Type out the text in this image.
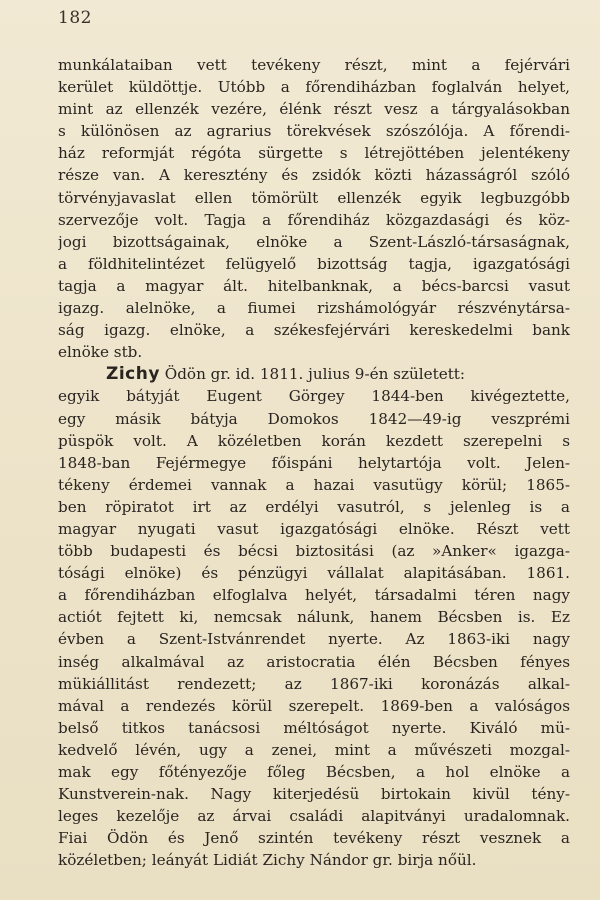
182
munkálataiban vett tevékeny részt, mint a fejérvári
kerület küldöttje. Utóbb a főrendiházban foglalván helyet,
mint az ellenzék vezére, élénk részt vesz a tárgyalásokban
s különösen az agrarius törekvések szószólója. A főrendi-
ház reformját régóta sürgette s létrejöttében jelentékeny
része van. A keresztény és zsidók közti házasságról szóló
törvényjavaslat ellen tömörült ellenzék egyik legbuzgóbb
szervezője volt. Tagja a főrendiház közgazdasági és köz-
jogi bizottságainak, elnöke a Szent-László-társaságnak,
a földhitelintézet felügyelő bizottság tagja, igazgatósági
tagja a magyar ált. hitelbanknak, a bécs-barcsi vasut
igazg. alelnöke, a fiumei rizshámológyár részvénytársa-
ság igazg. elnöke, a székesfejérvári kereskedelmi bank
elnöke stb.
Zichy Ödön gr. id. 1811. julius 9-én született:
egyik bátyját Eugent Görgey 1844-ben kivégeztette,
egy másik bátyja Domokos 1842—49-ig veszprémi
püspök volt. A közéletben korán kezdett szerepelni s
1848-ban Fejérmegye főispáni helytartója volt. Jelen-
tékeny érdemei vannak a hazai vasutügy körül; 1865-
ben röpiratot irt az erdélyi vasutról, s jelenleg is a
magyar nyugati vasut igazgatósági elnöke. Részt vett
több budapesti és bécsi biztositási (az »Anker« igazga-
tósági elnöke) és pénzügyi vállalat alapitásában. 1861.
a főrendiházban elfoglalva helyét, társadalmi téren nagy
actiót fejtett ki, nemcsak nálunk, hanem Bécsben is. Ez
évben a Szent-Istvánrendet nyerte. Az 1863-iki nagy
inség alkalmával az aristocratia élén Bécsben fényes
mükiállitást rendezett; az 1867-iki koronázás alkal-
mával a rendezés körül szerepelt. 1869-ben a valóságos
belső titkos tanácsosi méltóságot nyerte. Kiváló mü-
kedvelő lévén, ugy a zenei, mint a művészeti mozgal-
mak egy főtényezője főleg Bécsben, a hol elnöke a
Kunstverein-nak. Nagy kiterjedésü birtokain kivül tény-
leges kezelője az árvai családi alapitványi uradalomnak.
Fiai Ödön és Jenő szintén tevékeny részt vesznek a
közéletben; leányát Lidiát Zichy Nándor gr. birja nőül.
